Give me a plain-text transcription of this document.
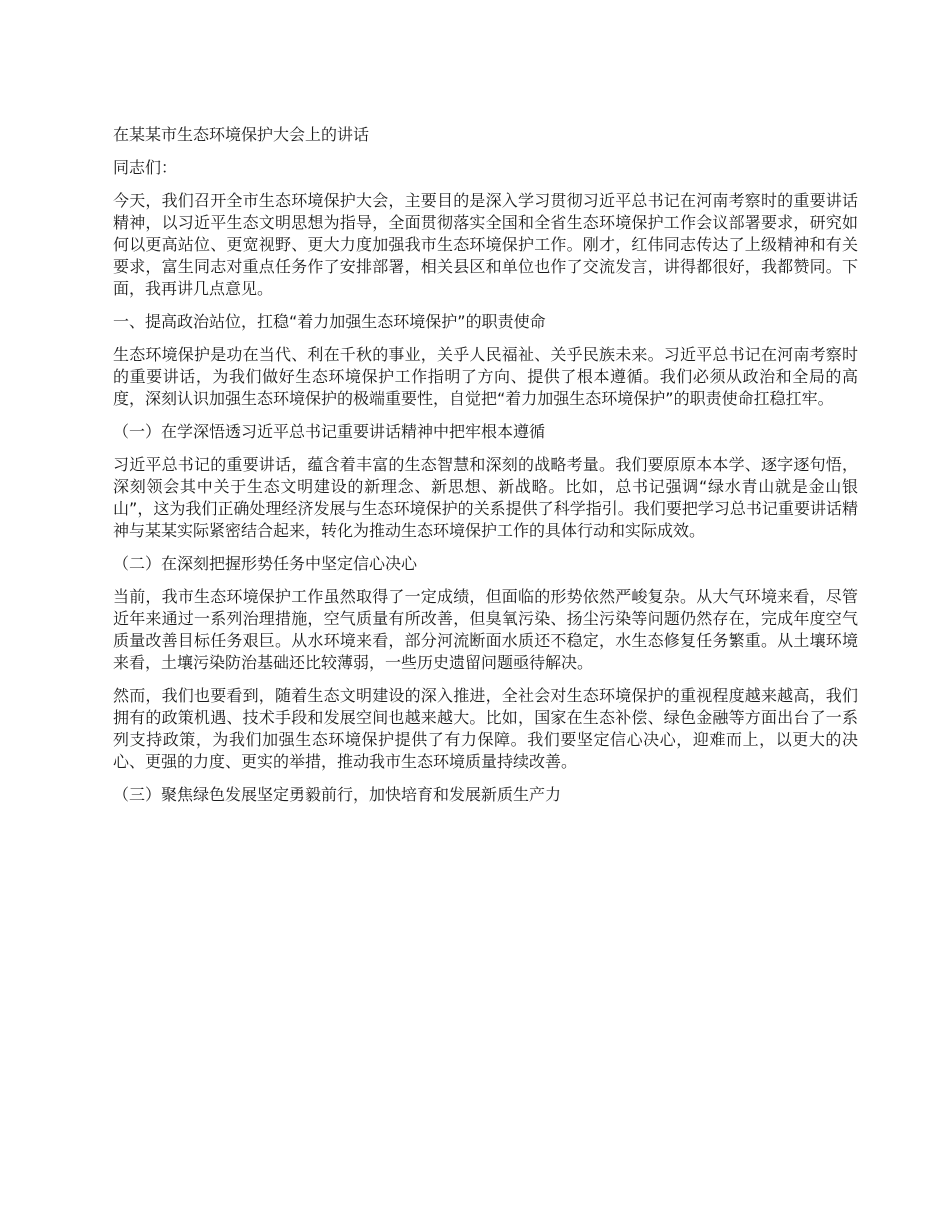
在某某市生态环境保护大会上的讲话

同志们：

今天，我们召开全市生态环境保护大会，主要目的是深入学习贯彻习近平总书记在河南考察时的重要讲话精神，以习近平生态文明思想为指导，全面贯彻落实全国和全省生态环境保护工作会议部署要求，研究如何以更高站位、更宽视野、更大力度加强我市生态环境保护工作。刚才，红伟同志传达了上级精神和有关要求，富生同志对重点任务作了安排部署，相关县区和单位也作了交流发言，讲得都很好，我都赞同。下面，我再讲几点意见。

一、提高政治站位，扛稳“着力加强生态环境保护”的职责使命

生态环境保护是功在当代、利在千秋的事业，关乎人民福祉、关乎民族未来。习近平总书记在河南考察时的重要讲话，为我们做好生态环境保护工作指明了方向、提供了根本遵循。我们必须从政治和全局的高度，深刻认识加强生态环境保护的极端重要性，自觉把“着力加强生态环境保护”的职责使命扛稳扛牢。

（一）在学深悟透习近平总书记重要讲话精神中把牢根本遵循

习近平总书记的重要讲话，蕴含着丰富的生态智慧和深刻的战略考量。我们要原原本本学、逐字逐句悟，深刻领会其中关于生态文明建设的新理念、新思想、新战略。比如，总书记强调“绿水青山就是金山银山”，这为我们正确处理经济发展与生态环境保护的关系提供了科学指引。我们要把学习总书记重要讲话精神与某某实际紧密结合起来，转化为推动生态环境保护工作的具体行动和实际成效。

（二）在深刻把握形势任务中坚定信心决心

当前，我市生态环境保护工作虽然取得了一定成绩，但面临的形势依然严峻复杂。从大气环境来看，尽管近年来通过一系列治理措施，空气质量有所改善，但臭氧污染、扬尘污染等问题仍然存在，完成年度空气质量改善目标任务艰巨。从水环境来看，部分河流断面水质还不稳定，水生态修复任务繁重。从土壤环境来看，土壤污染防治基础还比较薄弱，一些历史遗留问题亟待解决。

然而，我们也要看到，随着生态文明建设的深入推进，全社会对生态环境保护的重视程度越来越高，我们拥有的政策机遇、技术手段和发展空间也越来越大。比如，国家在生态补偿、绿色金融等方面出台了一系列支持政策，为我们加强生态环境保护提供了有力保障。我们要坚定信心决心，迎难而上，以更大的决心、更强的力度、更实的举措，推动我市生态环境质量持续改善。

（三）聚焦绿色发展坚定勇毅前行，加快培育和发展新质生产力
